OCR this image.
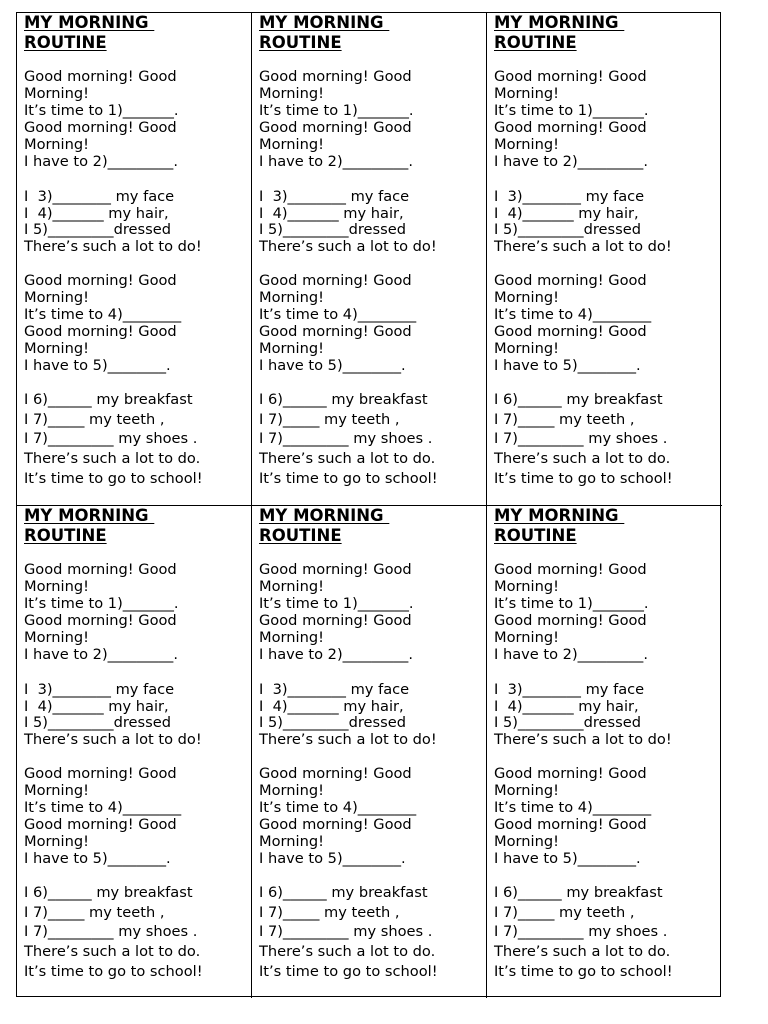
MY MORNING
ROUTINE
Good morning! Good
Morning!
It’s time to 1)_______.
Good morning! Good
Morning!
I have to 2)_________.
I  3)________ my face
I  4)_______ my hair,
I 5)_________dressed
There’s such a lot to do!
Good morning! Good
Morning!
It’s time to 4)________
Good morning! Good
Morning!
I have to 5)________.
I 6)______ my breakfast
I 7)_____ my teeth ,
I 7)_________ my shoes .
There’s such a lot to do.
It’s time to go to school!
MY MORNING
ROUTINE
Good morning! Good
Morning!
It’s time to 1)_______.
Good morning! Good
Morning!
I have to 2)_________.
I  3)________ my face
I  4)_______ my hair,
I 5)_________dressed
There’s such a lot to do!
Good morning! Good
Morning!
It’s time to 4)________
Good morning! Good
Morning!
I have to 5)________.
I 6)______ my breakfast
I 7)_____ my teeth ,
I 7)_________ my shoes .
There’s such a lot to do.
It’s time to go to school!
MY MORNING
ROUTINE
Good morning! Good
Morning!
It’s time to 1)_______.
Good morning! Good
Morning!
I have to 2)_________.
I  3)________ my face
I  4)_______ my hair,
I 5)_________dressed
There’s such a lot to do!
Good morning! Good
Morning!
It’s time to 4)________
Good morning! Good
Morning!
I have to 5)________.
I 6)______ my breakfast
I 7)_____ my teeth ,
I 7)_________ my shoes .
There’s such a lot to do.
It’s time to go to school!
MY MORNING
ROUTINE
Good morning! Good
Morning!
It’s time to 1)_______.
Good morning! Good
Morning!
I have to 2)_________.
I  3)________ my face
I  4)_______ my hair,
I 5)_________dressed
There’s such a lot to do!
Good morning! Good
Morning!
It’s time to 4)________
Good morning! Good
Morning!
I have to 5)________.
I 6)______ my breakfast
I 7)_____ my teeth ,
I 7)_________ my shoes .
There’s such a lot to do.
It’s time to go to school!
MY MORNING
ROUTINE
Good morning! Good
Morning!
It’s time to 1)_______.
Good morning! Good
Morning!
I have to 2)_________.
I  3)________ my face
I  4)_______ my hair,
I 5)_________dressed
There’s such a lot to do!
Good morning! Good
Morning!
It’s time to 4)________
Good morning! Good
Morning!
I have to 5)________.
I 6)______ my breakfast
I 7)_____ my teeth ,
I 7)_________ my shoes .
There’s such a lot to do.
It’s time to go to school!
MY MORNING
ROUTINE
Good morning! Good
Morning!
It’s time to 1)_______.
Good morning! Good
Morning!
I have to 2)_________.
I  3)________ my face
I  4)_______ my hair,
I 5)_________dressed
There’s such a lot to do!
Good morning! Good
Morning!
It’s time to 4)________
Good morning! Good
Morning!
I have to 5)________.
I 6)______ my breakfast
I 7)_____ my teeth ,
I 7)_________ my shoes .
There’s such a lot to do.
It’s time to go to school!
